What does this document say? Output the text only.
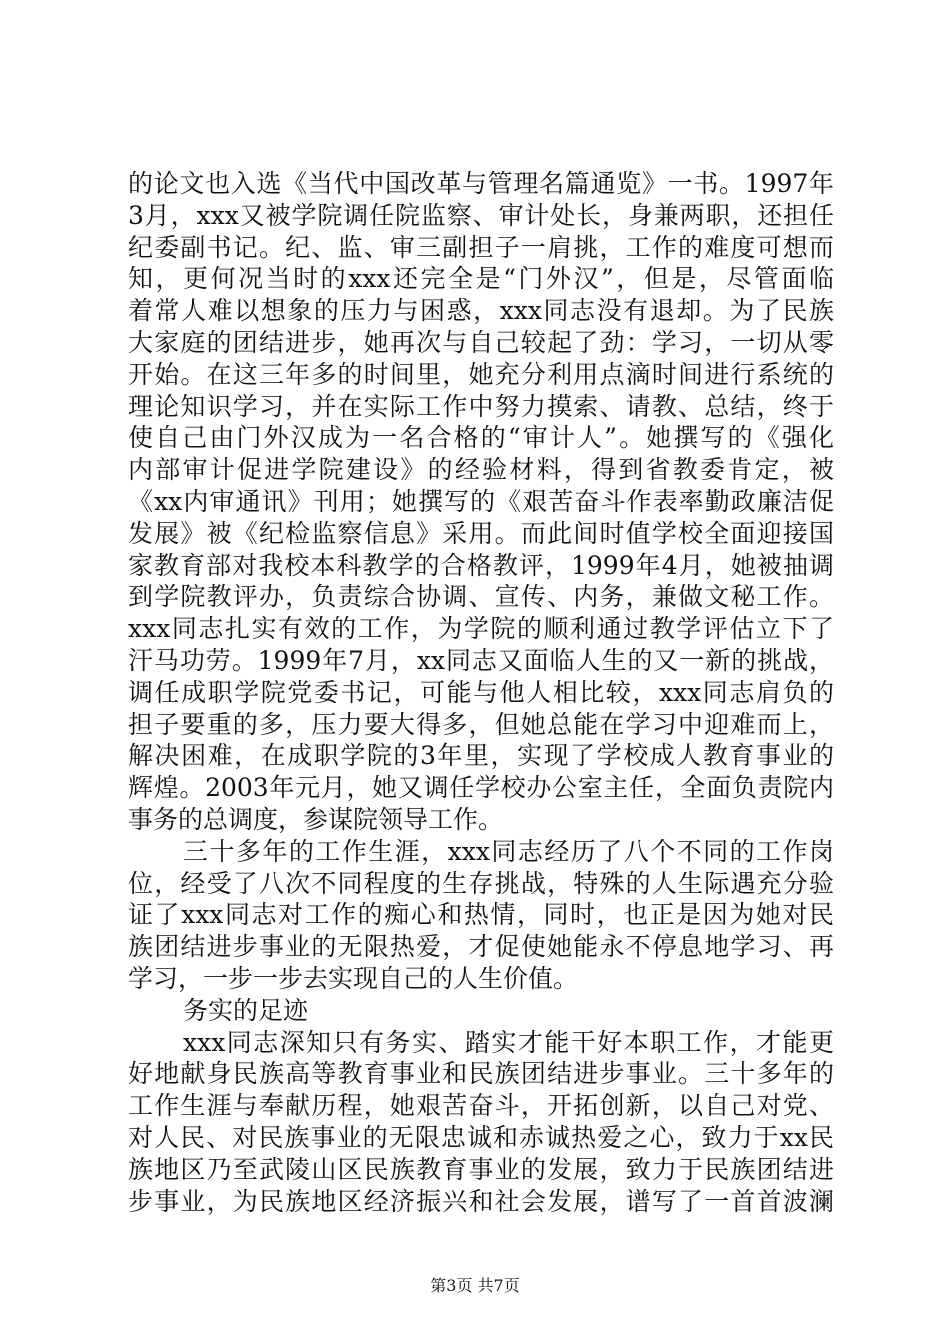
的论文也入选《当代中国改革与管理名篇通览》一书。1997年
3月，xxx又被学院调任院监察、审计处长，身兼两职，还担任
纪委副书记。纪、监、审三副担子一肩挑，工作的难度可想而
知，更何况当时的xxx还完全是“门外汉”，但是，尽管面临
着常人难以想象的压力与困惑，xxx同志没有退却。为了民族
大家庭的团结进步，她再次与自己较起了劲：学习，一切从零
开始。在这三年多的时间里，她充分利用点滴时间进行系统的
理论知识学习，并在实际工作中努力摸索、请教、总结，终于
使自己由门外汉成为一名合格的“审计人”。她撰写的《强化
内部审计促进学院建设》的经验材料，得到省教委肯定，被
《xx内审通讯》刊用；她撰写的《艰苦奋斗作表率勤政廉洁促
发展》被《纪检监察信息》采用。而此间时值学校全面迎接国
家教育部对我校本科教学的合格教评，1999年4月，她被抽调
到学院教评办，负责综合协调、宣传、内务，兼做文秘工作。
xxx同志扎实有效的工作，为学院的顺利通过教学评估立下了
汗马功劳。1999年7月，xx同志又面临人生的又一新的挑战，
调任成职学院党委书记，可能与他人相比较，xxx同志肩负的
担子要重的多，压力要大得多，但她总能在学习中迎难而上，
解决困难，在成职学院的3年里，实现了学校成人教育事业的
辉煌。2003年元月，她又调任学校办公室主任，全面负责院内
事务的总调度，参谋院领导工作。
三十多年的工作生涯，xxx同志经历了八个不同的工作岗
位，经受了八次不同程度的生存挑战，特殊的人生际遇充分验
证了xxx同志对工作的痴心和热情，同时，也正是因为她对民
族团结进步事业的无限热爱，才促使她能永不停息地学习、再
学习，一步一步去实现自己的人生价值。
务实的足迹
xxx同志深知只有务实、踏实才能干好本职工作，才能更
好地献身民族高等教育事业和民族团结进步事业。三十多年的
工作生涯与奉献历程，她艰苦奋斗，开拓创新，以自己对党、
对人民、对民族事业的无限忠诚和赤诚热爱之心，致力于xx民
族地区乃至武陵山区民族教育事业的发展，致力于民族团结进
步事业，为民族地区经济振兴和社会发展，谱写了一首首波澜
第3页 共7页
